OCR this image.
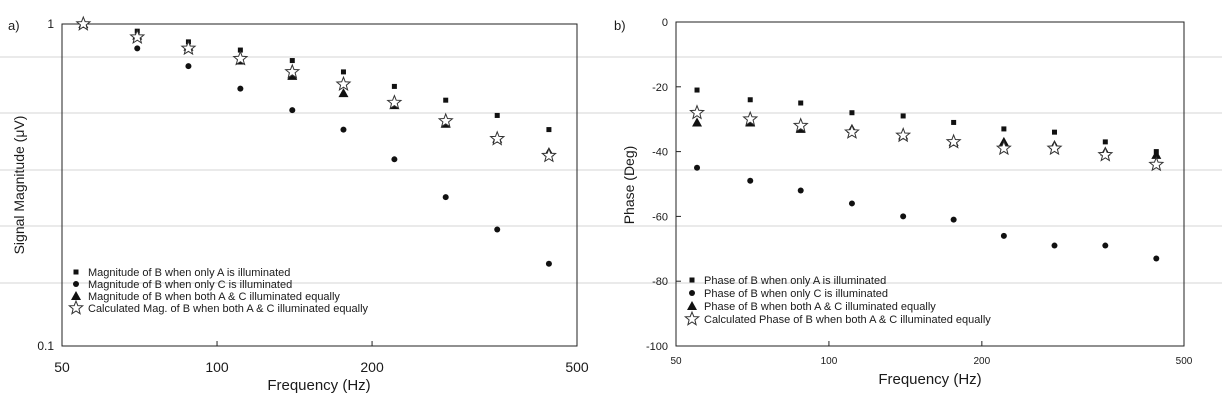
a)
Frequency (Hz)
Signal Magnitude (μV)
50	100	200	500
0.1
1
Magnitude of B when only A is illuminated
Magnitude of B when only C is illuminated
Magnitude of B when both A & C illuminated equally
Calculated Mag. of B when both A & C illuminated equally
b)
Frequency (Hz)
Phase (Deg)
50	100	200	500
-100
-80
-60
-40
-20
0
Phase of B when only A is illuminated
Phase of B when only C is illuminated
Phase of B when both A & C illuminated equally
Calculated Phase of B when both A & C illuminated equally
